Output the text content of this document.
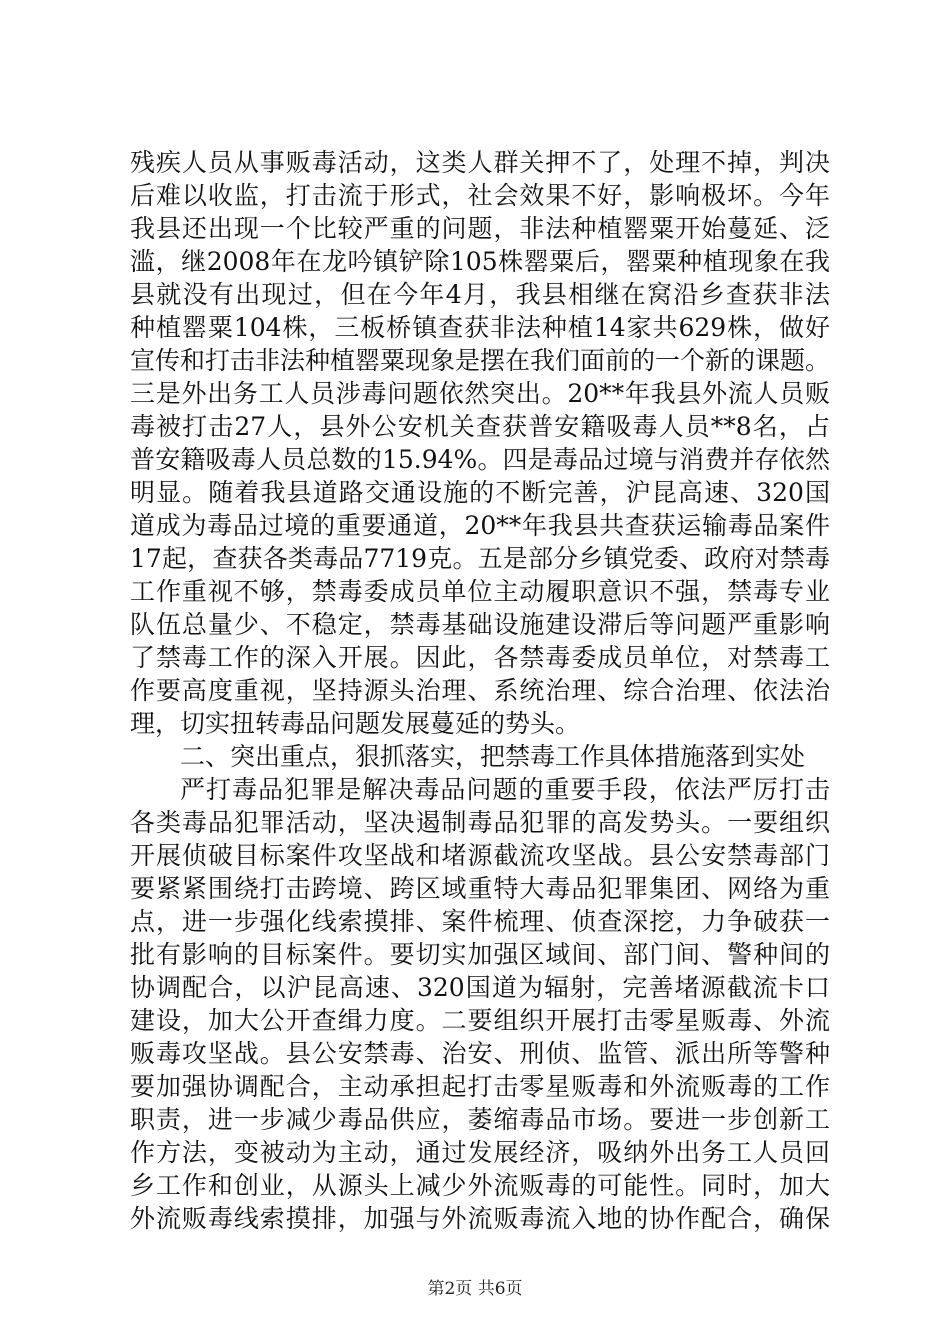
残疾人员从事贩毒活动，这类人群关押不了，处理不掉，判决
后难以收监，打击流于形式，社会效果不好，影响极坏。今年
我县还出现一个比较严重的问题，非法种植罂粟开始蔓延、泛
滥，继2008年在龙吟镇铲除105株罂粟后，罂粟种植现象在我
县就没有出现过，但在今年4月，我县相继在窝沿乡查获非法
种植罂粟104株，三板桥镇查获非法种植14家共629株，做好
宣传和打击非法种植罂粟现象是摆在我们面前的一个新的课题。
三是外出务工人员涉毒问题依然突出。20**年我县外流人员贩
毒被打击27人，县外公安机关查获普安籍吸毒人员**8名，占
普安籍吸毒人员总数的15.94%。四是毒品过境与消费并存依然
明显。随着我县道路交通设施的不断完善，沪昆高速、320国
道成为毒品过境的重要通道，20**年我县共查获运输毒品案件
17起，查获各类毒品7719克。五是部分乡镇党委、政府对禁毒
工作重视不够，禁毒委成员单位主动履职意识不强，禁毒专业
队伍总量少、不稳定，禁毒基础设施建设滞后等问题严重影响
了禁毒工作的深入开展。因此，各禁毒委成员单位，对禁毒工
作要高度重视，坚持源头治理、系统治理、综合治理、依法治
理，切实扭转毒品问题发展蔓延的势头。
二、突出重点，狠抓落实，把禁毒工作具体措施落到实处
严打毒品犯罪是解决毒品问题的重要手段，依法严厉打击
各类毒品犯罪活动，坚决遏制毒品犯罪的高发势头。一要组织
开展侦破目标案件攻坚战和堵源截流攻坚战。县公安禁毒部门
要紧紧围绕打击跨境、跨区域重特大毒品犯罪集团、网络为重
点，进一步强化线索摸排、案件梳理、侦查深挖，力争破获一
批有影响的目标案件。要切实加强区域间、部门间、警种间的
协调配合，以沪昆高速、320国道为辐射，完善堵源截流卡口
建设，加大公开查缉力度。二要组织开展打击零星贩毒、外流
贩毒攻坚战。县公安禁毒、治安、刑侦、监管、派出所等警种
要加强协调配合，主动承担起打击零星贩毒和外流贩毒的工作
职责，进一步减少毒品供应，萎缩毒品市场。要进一步创新工
作方法，变被动为主动，通过发展经济，吸纳外出务工人员回
乡工作和创业，从源头上减少外流贩毒的可能性。同时，加大
外流贩毒线索摸排，加强与外流贩毒流入地的协作配合，确保
第2页 共6页
